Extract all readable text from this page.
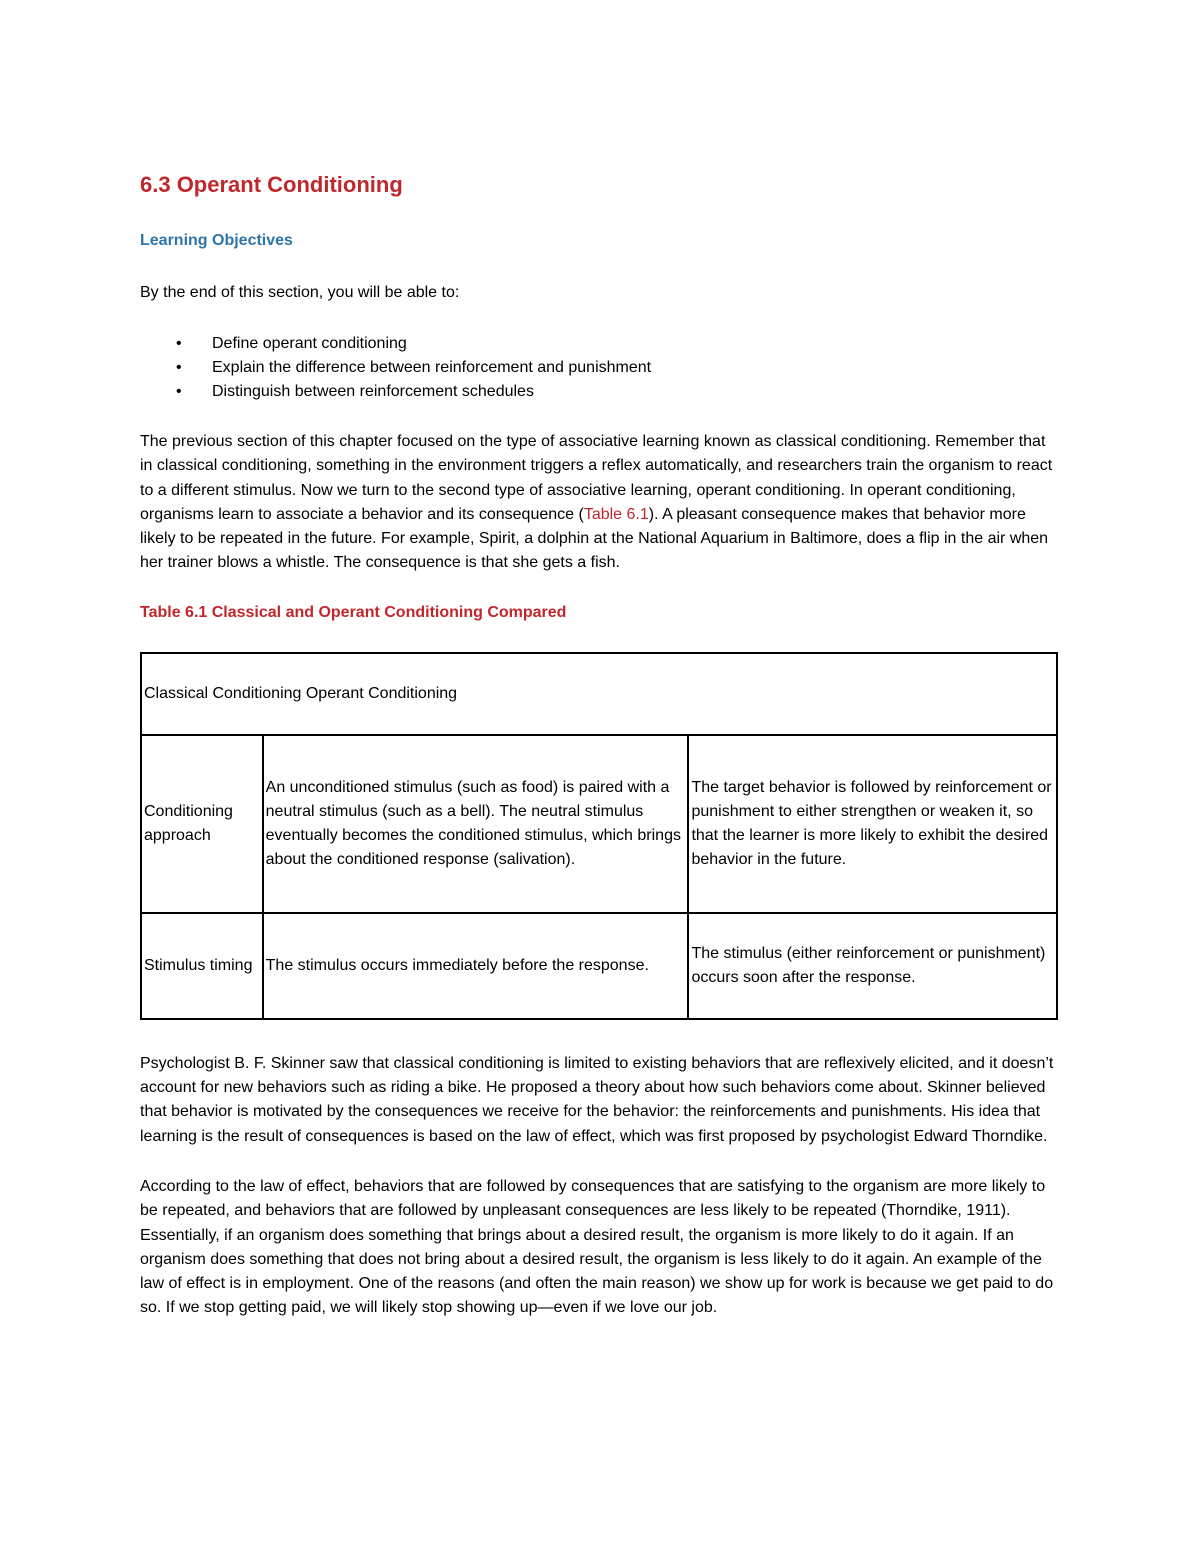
6.3 Operant Conditioning
Learning Objectives
By the end of this section, you will be able to:
• Define operant conditioning
• Explain the difference between reinforcement and punishment
• Distinguish between reinforcement schedules

The previous section of this chapter focused on the type of associative learning known as classical conditioning. Remember that in classical conditioning, something in the environment triggers a reflex automatically, and researchers train the organism to react to a different stimulus. Now we turn to the second type of associative learning, operant conditioning. In operant conditioning, organisms learn to associate a behavior and its consequence (Table 6.1). A pleasant consequence makes that behavior more likely to be repeated in the future. For example, Spirit, a dolphin at the National Aquarium in Baltimore, does a flip in the air when her trainer blows a whistle. The consequence is that she gets a fish.

Table 6.1 Classical and Operant Conditioning Compared
Classical Conditioning Operant Conditioning		
Conditioning approach	An unconditioned stimulus (such as food) is paired with a neutral stimulus (such as a bell). The neutral stimulus eventually becomes the conditioned stimulus, which brings about the conditioned response (salivation).	The target behavior is followed by reinforcement or punishment to either strengthen or weaken it, so that the learner is more likely to exhibit the desired behavior in the future.
Stimulus timing	The stimulus occurs immediately before the response.	The stimulus (either reinforcement or punishment) occurs soon after the response.

Psychologist B. F. Skinner saw that classical conditioning is limited to existing behaviors that are reflexively elicited, and it doesn’t account for new behaviors such as riding a bike. He proposed a theory about how such behaviors come about. Skinner believed that behavior is motivated by the consequences we receive for the behavior: the reinforcements and punishments. His idea that learning is the result of consequences is based on the law of effect, which was first proposed by psychologist Edward Thorndike.

According to the law of effect, behaviors that are followed by consequences that are satisfying to the organism are more likely to be repeated, and behaviors that are followed by unpleasant consequences are less likely to be repeated (Thorndike, 1911). Essentially, if an organism does something that brings about a desired result, the organism is more likely to do it again. If an organism does something that does not bring about a desired result, the organism is less likely to do it again. An example of the law of effect is in employment. One of the reasons (and often the main reason) we show up for work is because we get paid to do so. If we stop getting paid, we will likely stop showing up—even if we love our job.
